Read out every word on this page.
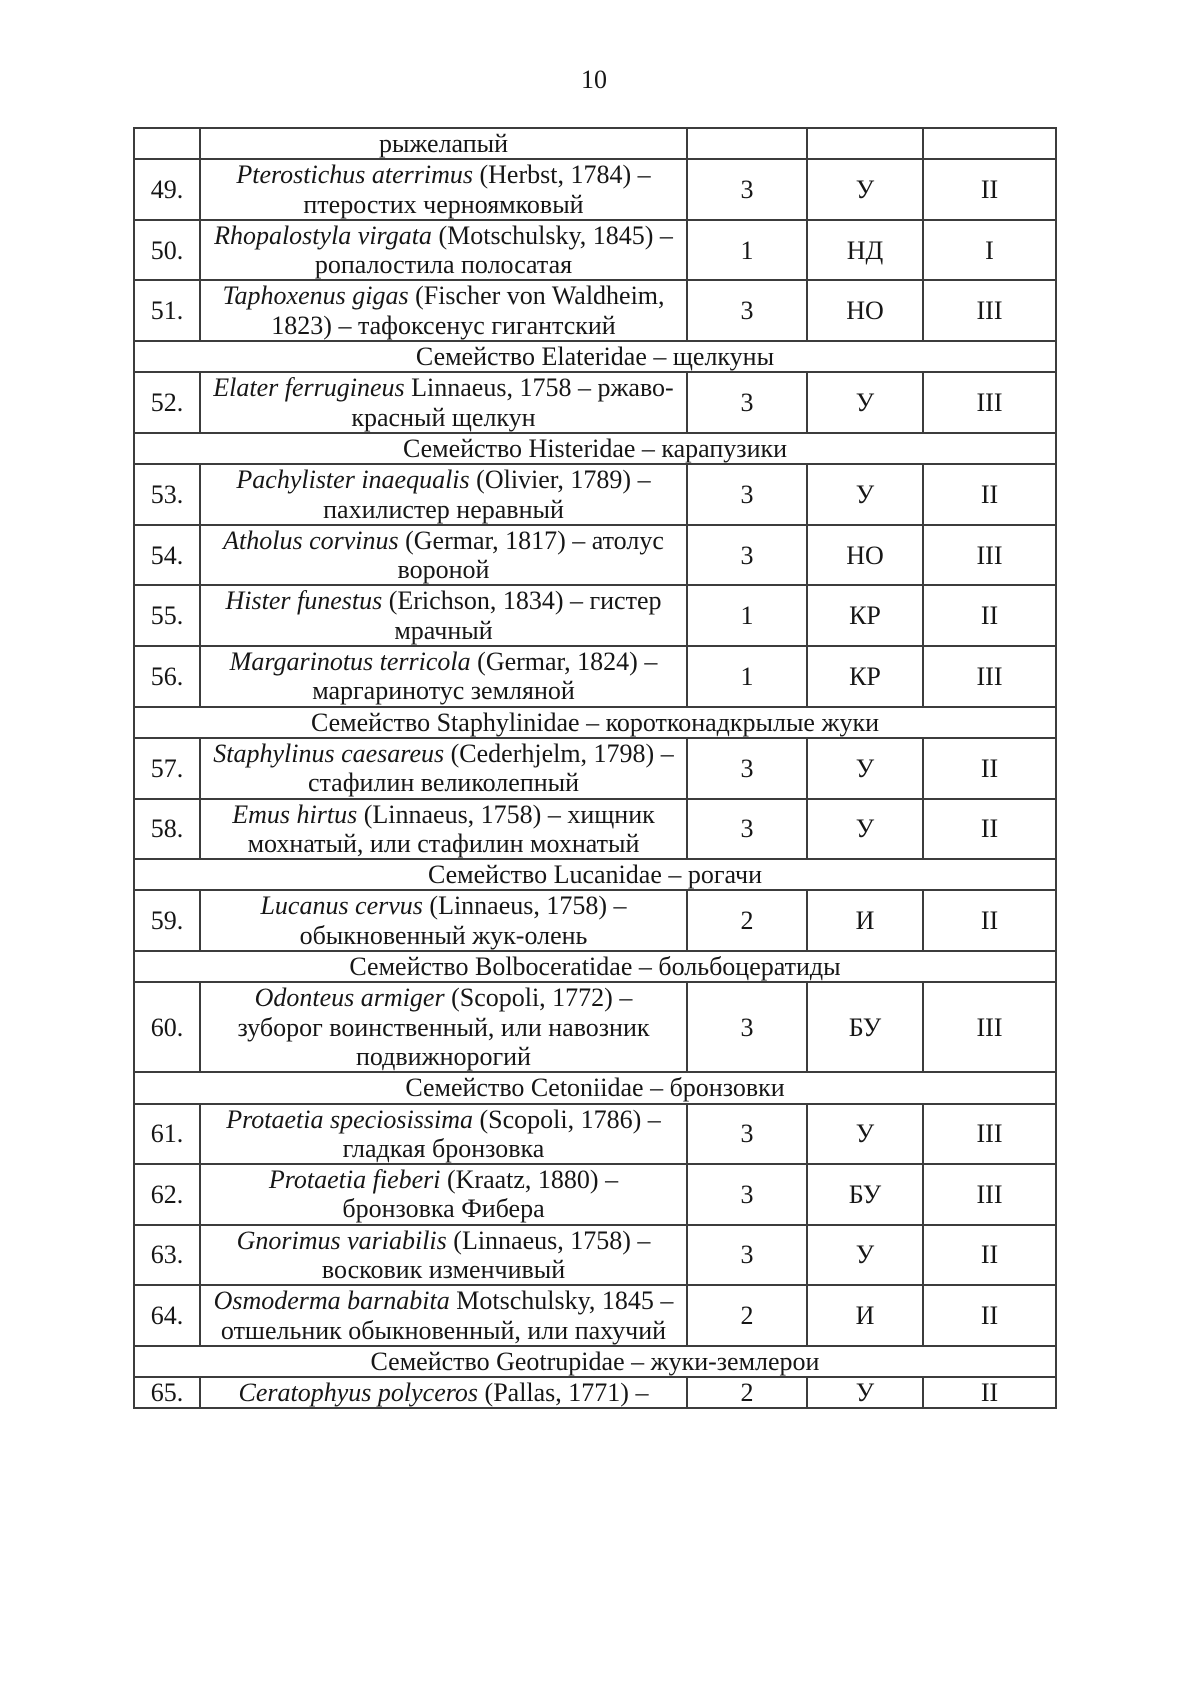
10
	рыжелапый			
49.	Pterostichus aterrimus (Herbst, 1784) –
птеростих черноямковый	3	У	II
50.	Rhopalostyla virgata (Motschulsky, 1845) –
ропалостила полосатая	1	НД	I
51.	Taphoxenus gigas (Fischer von Waldheim,
1823) – тафоксенус гигантский	3	НО	III
Семейство Elateridae – щелкуны				
52.	Elater ferrugineus Linnaeus, 1758 – ржаво-
красный щелкун	3	У	III
Семейство Histeridae – карапузики				
53.	Pachylister inaequalis (Olivier, 1789) –
пахилистер неравный	3	У	II
54.	Atholus corvinus (Germar, 1817) – атолус
вороной	3	НО	III
55.	Hister funestus (Erichson, 1834) – гистер
мрачный	1	КР	II
56.	Margarinotus terricola (Germar, 1824) –
маргаринотус земляной	1	КР	III
Семейство Staphylinidae – коротконадкрылые жуки				
57.	Staphylinus caesareus (Cederhjelm, 1798) –
стафилин великолепный	3	У	II
58.	Emus hirtus (Linnaeus, 1758) – хищник
мохнатый, или стафилин мохнатый	3	У	II
Семейство Lucanidae – рогачи				
59.	Lucanus cervus (Linnaeus, 1758) –
обыкновенный жук-олень	2	И	II
Семейство Bolboceratidae – больбоцератиды				
60.	Odonteus armiger (Scopoli, 1772) –
зуборог воинственный, или навозник
подвижнорогий	3	БУ	III
Семейство Cetoniidae – бронзовки				
61.	Protaetia speciosissima (Scopoli, 1786) –
гладкая бронзовка	3	У	III
62.	Protaetia fieberi (Kraatz, 1880) –
бронзовка Фибера	3	БУ	III
63.	Gnorimus variabilis (Linnaeus, 1758) –
восковик изменчивый	3	У	II
64.	Osmoderma barnabita Motschulsky, 1845 –
отшельник обыкновенный, или пахучий	2	И	II
Семейство Geotrupidae – жуки-землерои				
65.	Ceratophyus polyceros (Pallas, 1771) –	2	У	II
